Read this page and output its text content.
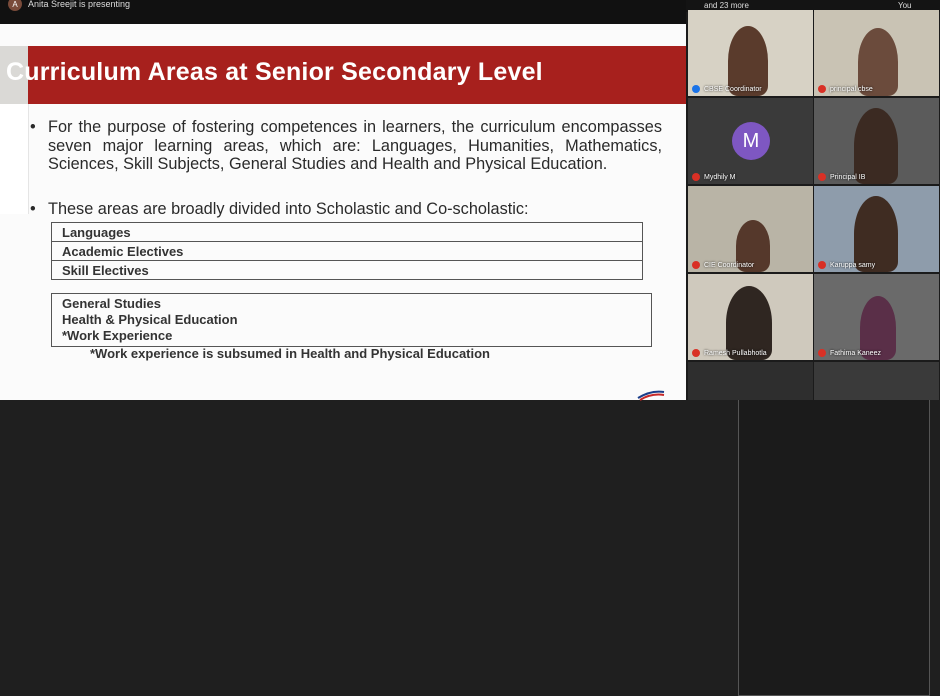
A	Anita Sreejit is presenting
Curriculum Areas at Senior Secondary Level
• For the purpose of fostering competences in learners, the curriculum encompasses seven major learning areas, which are: Languages, Humanities, Mathematics, Sciences, Skill Subjects, General Studies and Health and Physical Education.
• These areas are broadly divided into Scholastic and Co-scholastic:
Languages	

Academic Electives
Skill Electives
General Studies
Health & Physical Education
*Work Experience

*Work experience is subsumed in Health and Physical Education
and 23 more	You
CBSE Coordinator	principal cbse
M
Mydhily M	Principal IB
CIE Coordinator	Karuppa samy
Ramesh Pullabhotla	Fathima Kaneez
